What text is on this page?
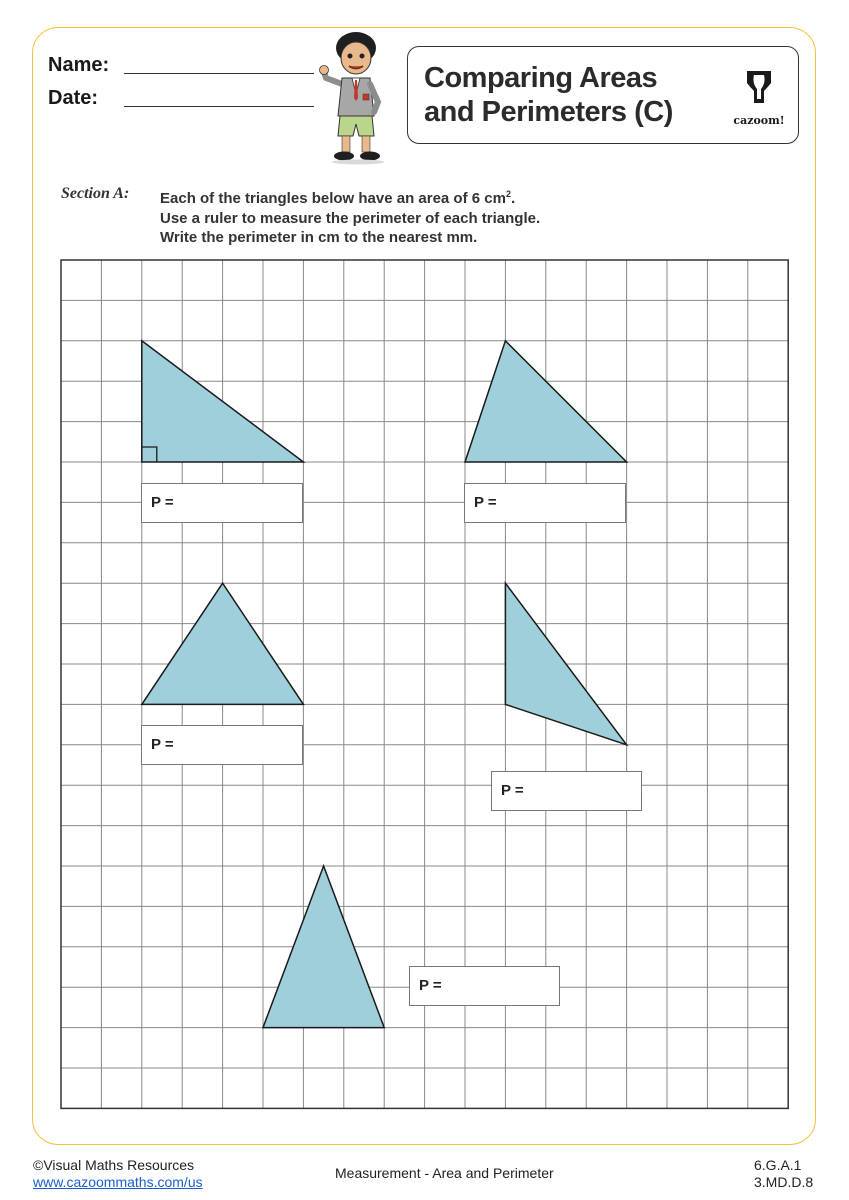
Name:
Date:
Comparing Areas
and Perimeters (C)	cazoom!
Section A: Each of the triangles below have an area of 6 $cm^2$.
Use a ruler to measure the perimeter of each triangle.
Write the perimeter in cm to the nearest mm.
P =	P =
P =
P =
P =
©Visual Maths Resources
www.cazoommaths.com/us
Measurement - Area and Perimeter	6.G.A.1
3.MD.D.8
